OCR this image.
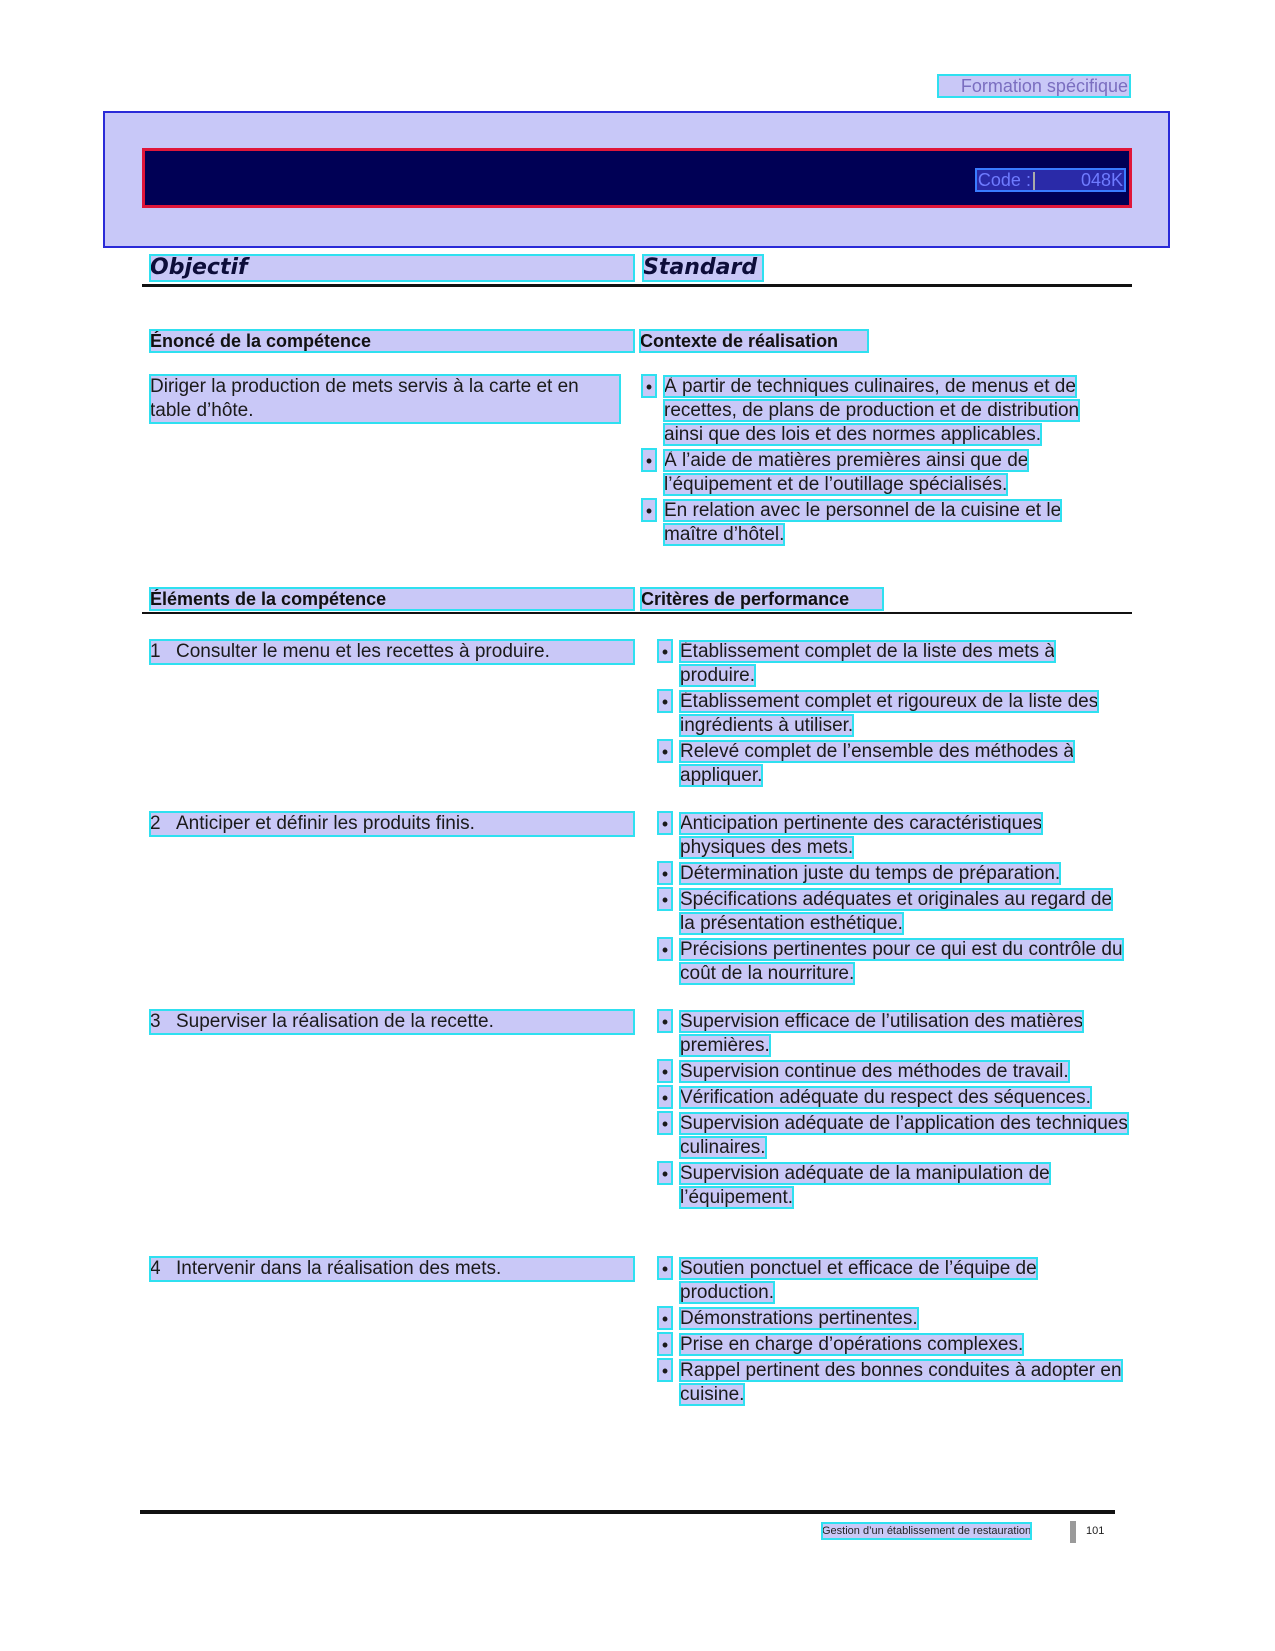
Formation spécifique
Code :	048K
Objectif	Standard
Énoncé de la compétence	Contexte de réalisation
Diriger la production de mets servis à la carte et en table d’hôte.
• À partir de techniques culinaires, de menus et de recettes, de plans de production et de distribution ainsi que des lois et des normes applicables.
• À l’aide de matières premières ainsi que de l’équipement et de l’outillage spécialisés.
• En relation avec le personnel de la cuisine et le maître d’hôtel.
Éléments de la compétence	Critères de performance
1 Consulter le menu et les recettes à produire.	• Établissement complet de la liste des mets à produire.
• Établissement complet et rigoureux de la liste des ingrédients à utiliser.
• Relevé complet de l’ensemble des méthodes à appliquer.
2 Anticiper et définir les produits finis.	• Anticipation pertinente des caractéristiques physiques des mets.
• Détermination juste du temps de préparation.
• Spécifications adéquates et originales au regard de la présentation esthétique.
• Précisions pertinentes pour ce qui est du contrôle du coût de la nourriture.
3 Superviser la réalisation de la recette.	• Supervision efficace de l’utilisation des matières premières.
• Supervision continue des méthodes de travail.
• Vérification adéquate du respect des séquences.
• Supervision adéquate de l’application des techniques culinaires.
• Supervision adéquate de la manipulation de l’équipement.
4 Intervenir dans la réalisation des mets.	• Soutien ponctuel et efficace de l’équipe de production.
• Démonstrations pertinentes.
• Prise en charge d’opérations complexes.
• Rappel pertinent des bonnes conduites à adopter en cuisine.
Gestion d’un établissement de restauration	101
